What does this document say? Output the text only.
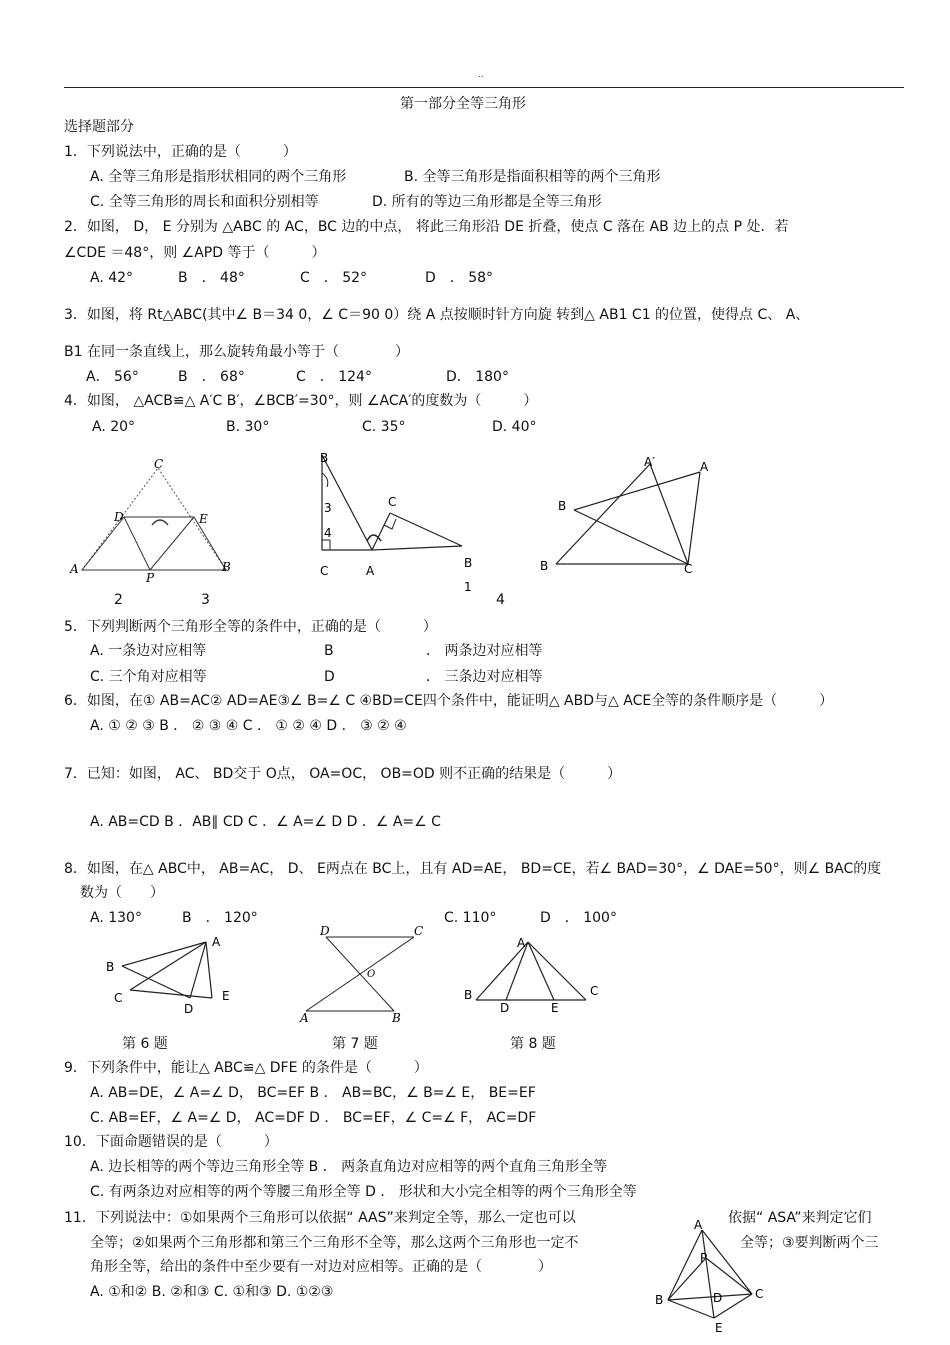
..
第一部分全等三角形
选择题部分
1．下列说法中，正确的是（　　　）
A. 全等三角形是指形状相同的两个三角形	B. 全等三角形是指面积相等的两个三角形
C. 全等三角形的周长和面积分别相等	D. 所有的等边三角形都是全等三角形
2．如图， D， E 分别为 △ABC 的 AC，BC 边的中点， 将此三角形沿 DE 折叠，使点 C 落在 AB 边上的点 P 处．若
∠CDE ＝48°，则 ∠APD 等于（　　　）
A. 42°	B　． 48°	C　． 52°	D　． 58°
3．如图，将 Rt△ABC(其中∠ B＝34 0，∠ C＝90 0）绕 A 点按顺时针方向旋 转到△ AB1 C1 的位置，使得点 C、 A、
B1 在同一条直线上，那么旋转角最小等于（　　　　）
A． 56°	B　． 68°	C　． 124°	D． 180°
4．如图， △ACB≌△ A′C B′，∠BCB′=30°，则 ∠ACA′的度数为（　　　）
A. 20°	B. 30°	C. 35°	D. 40°
C
D	E
A
P
B
B
3
4
C	A
C
B
1
A′	A
B
B	C
2	3	4
5．下列判断两个三角形全等的条件中，正确的是（　　　）
A. 一条边对应相等	B	． 两条边对应相等
C. 三个角对应相等	D	． 三条边对应相等
6．如图，在① AB=AC② AD=AE③∠ B=∠ C ④BD=CE四个条件中，能证明△ ABD与△ ACE全等的条件顺序是（　　　）
A. ① ② ③ B ． ② ③ ④ C ． ① ② ④ D ． ③ ② ④
7．已知：如图， AC、 BD交于 O点， OA=OC， OB=OD 则不正确的结果是（　　　）
A. AB=CD B ．AB∥ CD C ．∠ A=∠ D D ．∠ A=∠ C
8．如图，在△ ABC中， AB=AC， D、 E两点在 BC上，且有 AD=AE， BD=CE，若∠ BAD=30°，∠ DAE=50°，则∠ BAC的度
数为（　　）
A. 130°	B　． 120°	C. 110°	D　． 100°
A
B
C
D
E
D	C
O
A	B
A
B
D	E
C
第 6 题	第 7 题	第 8 题
9．下列条件中，能让△ ABC≌△ DFE 的条件是（　　　）
A. AB=DE，∠ A=∠ D， BC=EF B ． AB=BC，∠ B=∠ E， BE=EF
C. AB=EF，∠ A=∠ D， AC=DF D ． BC=EF，∠ C=∠ F， AC=DF
10．下面命题错误的是（　　　）
A. 边长相等的两个等边三角形全等 B ． 两条直角边对应相等的两个直角三角形全等
C. 有两条边对应相等的两个等腰三角形全等 D ． 形状和大小完全相等的两个三角形全等
11．下列说法中：①如果两个三角形可以依据“ AAS”来判定全等，那么一定也可以	依据“ ASA”来判定它们
全等；②如果两个三角形都和第三个三角形不全等，那么这两个三角形也一定不	全等；③要判断两个三
角形全等，给出的条件中至少要有一对边对应相等。正确的是（　　　　）
A. ①和② B. ②和③ C. ①和③ D. ①②③
A
P
B	D	C
E
